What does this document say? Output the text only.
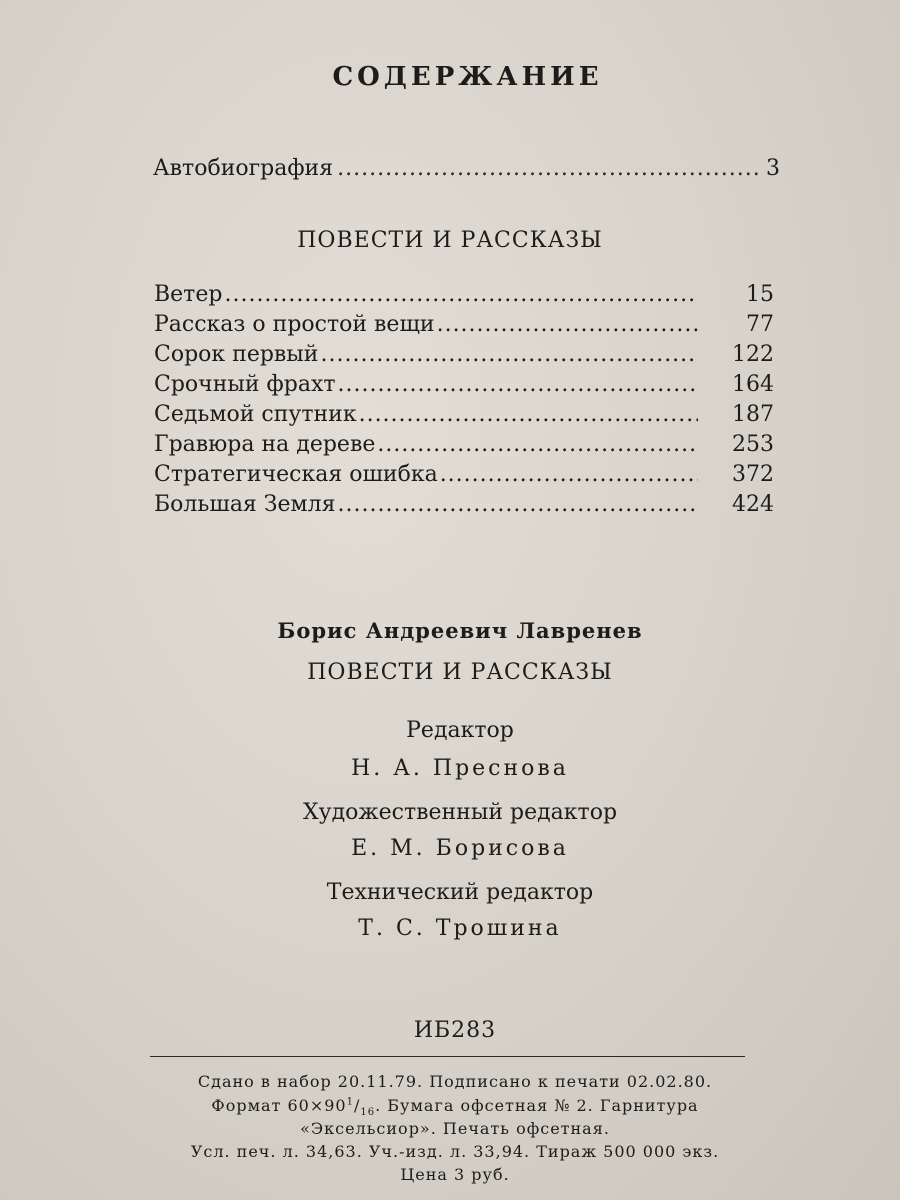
СОДЕРЖАНИЕ
Автобиография .....	3
ПОВЕСТИ И РАССКАЗЫ
Ветер .....	15
Рассказ о простой вещи .....	77
Сорок первый .....	122
Срочный фрахт .....	164
Седьмой спутник .....	187
Гравюра на дереве .....	253
Стратегическая ошибка .....	372
Большая Земля .....	424
Борис Андреевич Лавренев
ПОВЕСТИ И РАССКАЗЫ
Редактор
Н. А. Преснова
Художественный редактор
Е. М. Борисова
Технический редактор
Т. С. Трошина
ИБ283
Сдано в набор 20.11.79. Подписано к печати 02.02.80.
Формат $60\times 90^1/_{16}$. Бумага офсетная № 2. Гарнитура
«Эксельсиор». Печать офсетная.
Усл. печ. л. 34,63. Уч.-изд. л. 33,94. Тираж 500 000 экз.
Цена 3 руб.
